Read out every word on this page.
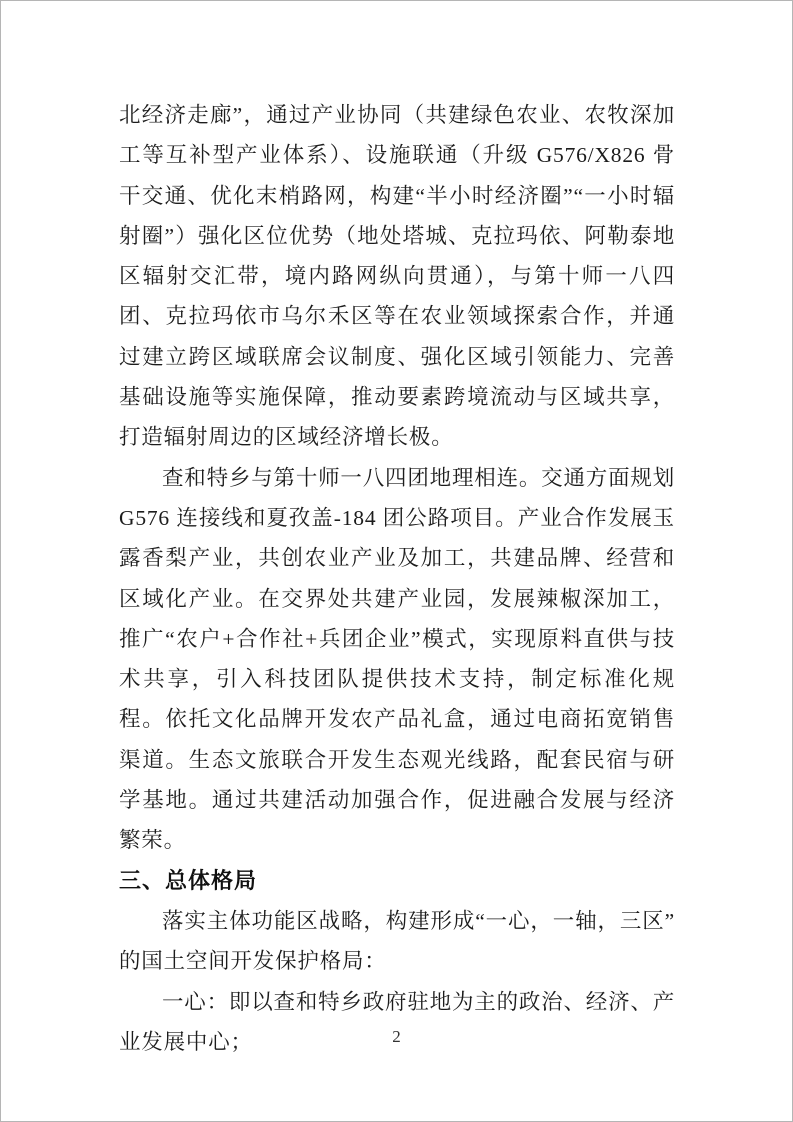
北经济走廊”，通过产业协同（共建绿色农业、农牧深加工等互补型产业体系）、设施联通（升级 G576/X826 骨干交通、优化末梢路网，构建“半小时经济圈”“一小时辐射圈”）强化区位优势（地处塔城、克拉玛依、阿勒泰地区辐射交汇带，境内路网纵向贯通），与第十师一八四团、克拉玛依市乌尔禾区等在农业领域探索合作，并通过建立跨区域联席会议制度、强化区域引领能力、完善基础设施等实施保障，推动要素跨境流动与区域共享，打造辐射周边的区域经济增长极。

查和特乡与第十师一八四团地理相连。交通方面规划 G576 连接线和夏孜盖-184 团公路项目。产业合作发展玉露香梨产业，共创农业产业及加工，共建品牌、经营和区域化产业。在交界处共建产业园，发展辣椒深加工，推广“农户+合作社+兵团企业”模式，实现原料直供与技术共享，引入科技团队提供技术支持，制定标准化规程。依托文化品牌开发农产品礼盒，通过电商拓宽销售渠道。生态文旅联合开发生态观光线路，配套民宿与研学基地。通过共建活动加强合作，促进融合发展与经济繁荣。

三、总体格局

落实主体功能区战略，构建形成“一心，一轴，三区”的国土空间开发保护格局：

一心：即以查和特乡政府驻地为主的政治、经济、产业发展中心；	2
